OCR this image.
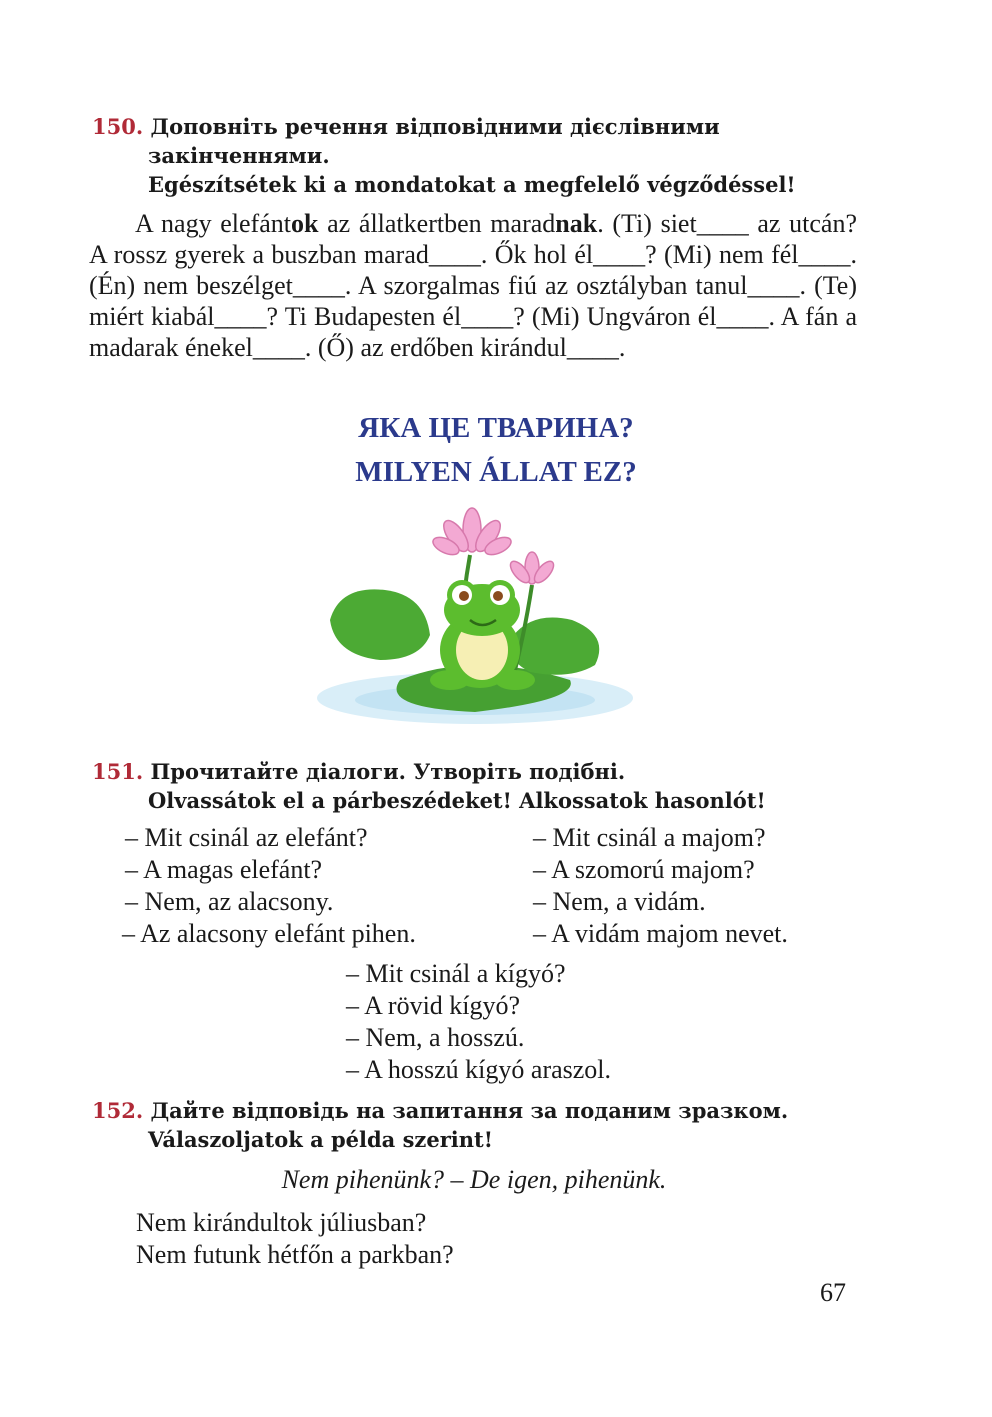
150. Доповніть речення відповідними дієслівними
закінченнями.
Egészítsétek ki a mondatokat a megfelelő végződéssel!
A nagy elefántok az állatkertben maradnak. (Ti) siet____ az utcán? A rossz gyerek a buszban marad____. Ők hol él____? (Mi) nem fél____. (Én) nem beszélget____. A szorgalmas fiú az osztályban tanul____. (Te) miért kiabál____? Ti Budapesten él____? (Mi) Ungváron él____. A fán a madarak énekel____. (Ő) az erdőben kirándul____.
ЯКА ЦЕ ТВАРИНА?
MILYEN ÁLLAT EZ?
151. Прочитайте діалоги. Утворіть подібні.
Olvassátok el a párbeszédeket! Alkossatok hasonlót!
– Mit csinál az elefánt?
– A magas elefánt?
– Nem, az alacsony.
– Az alacsony elefánt pihen.
– Mit csinál a majom?
– A szomorú majom?
– Nem, a vidám.
– A vidám majom nevet.
– Mit csinál a kígyó?
– A rövid kígyó?
– Nem, a hosszú.
– A hosszú kígyó araszol.
152. Дайте відповідь на запитання за поданим зразком.
Válaszoljatok a példa szerint!
Nem pihenünk? – De igen, pihenünk.
Nem kirándultok júliusban?
Nem futunk hétfőn a parkban?
67
